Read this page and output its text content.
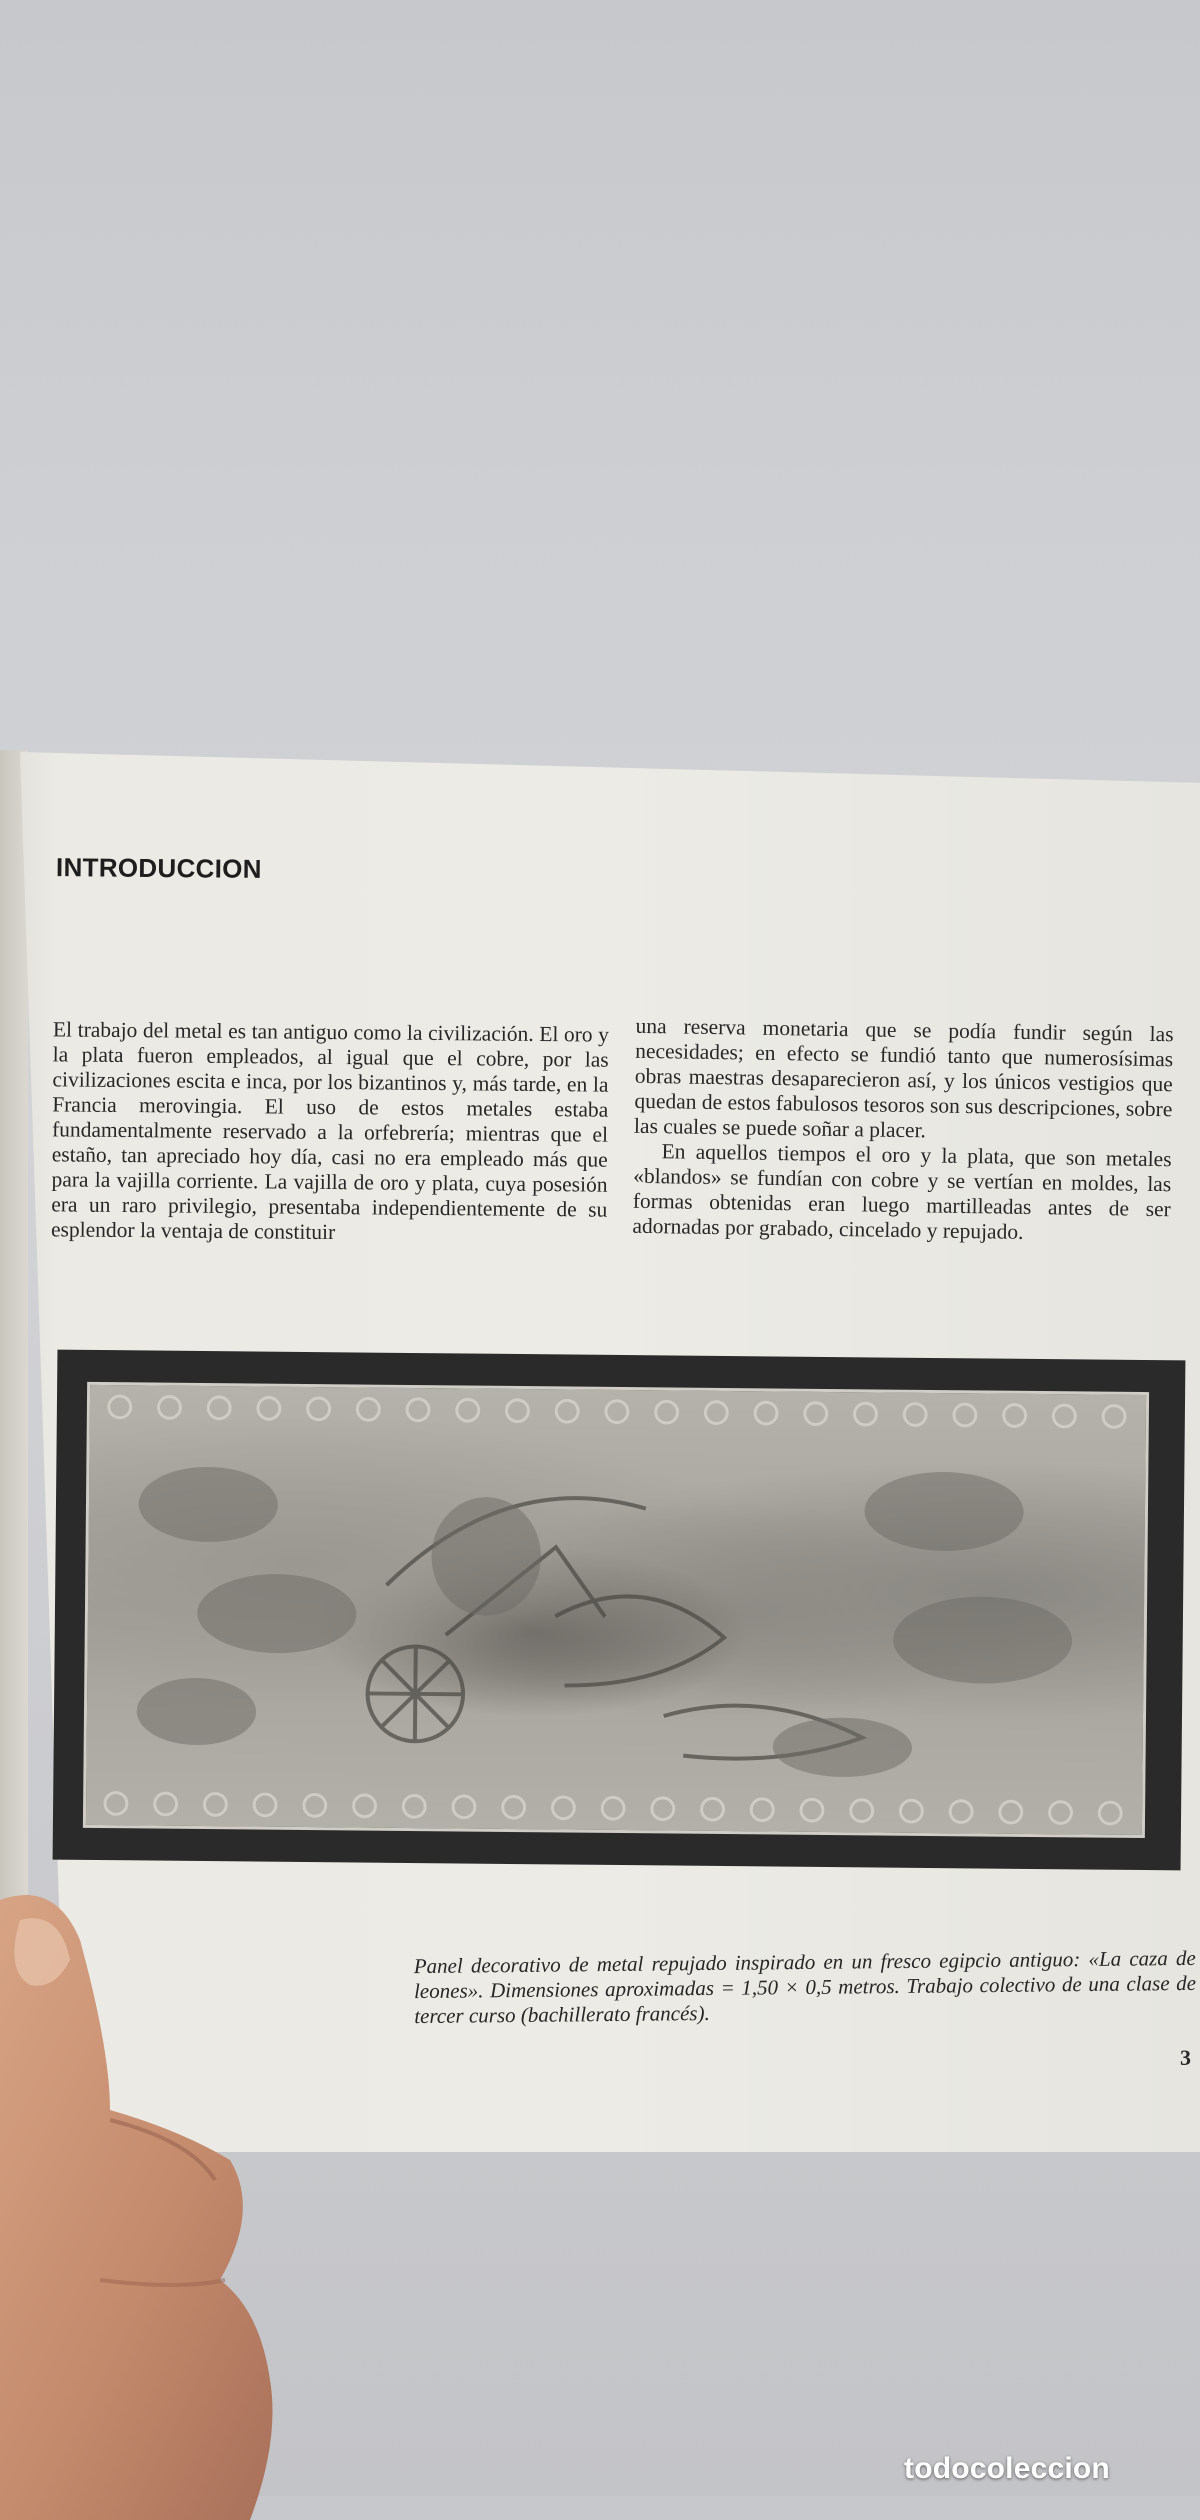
INTRODUCCION

El trabajo del metal es tan antiguo como la civilización. El oro y la plata fueron empleados, al igual que el cobre, por las civilizaciones escita e inca, por los bizantinos y, más tarde, en la Francia merovingia. El uso de estos metales estaba fundamentalmente reservado a la orfebrería; mientras que el estaño, tan apreciado hoy día, casi no era empleado más que para la vajilla corriente. La vajilla de oro y plata, cuya posesión era un raro privilegio, presentaba independientemente de su esplendor la ventaja de constituir

una reserva monetaria que se podía fundir según las necesidades; en efecto se fundió tanto que numerosísimas obras maestras desaparecieron así, y los únicos vestigios que quedan de estos fabulosos tesoros son sus descripciones, sobre las cuales se puede soñar a placer.

En aquellos tiempos el oro y la plata, que son metales «blandos» se fundían con cobre y se vertían en moldes, las formas obtenidas eran luego martilleadas antes de ser adornadas por grabado, cincelado y repujado.

Panel decorativo de metal repujado inspirado en un fresco egipcio antiguo: «La caza de leones». Dimensiones aproximadas = 1,50 × 0,5 metros. Trabajo colectivo de una clase de tercer curso (bachillerato francés).

3
todocoleccion
